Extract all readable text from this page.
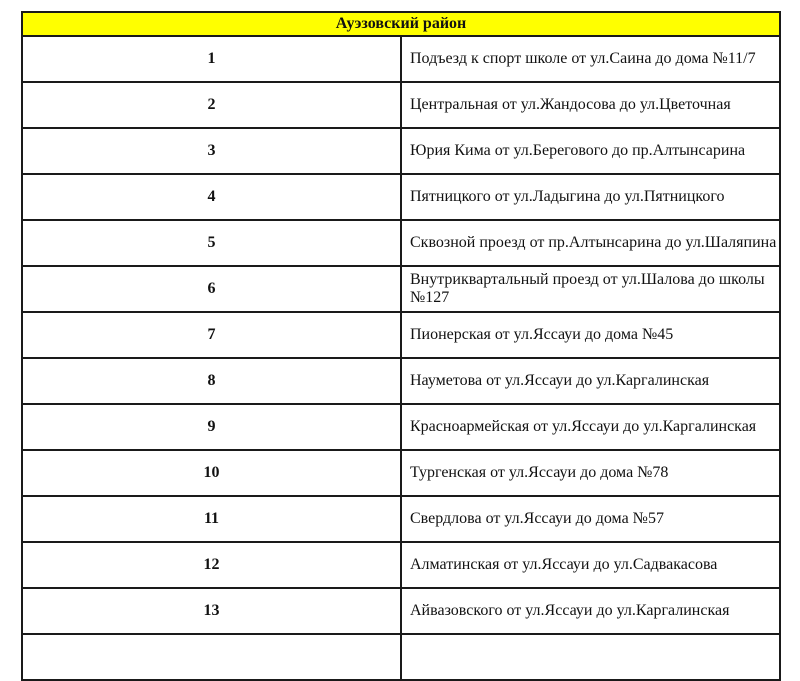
Ауэзовский район	
1	Подъезд к спорт школе от ул.Саина до дома №11/7
2	Центральная от ул.Жандосова до ул.Цветочная
3	Юрия Кима от ул.Берегового до пр.Алтынсарина
4	Пятницкого от ул.Ладыгина до ул.Пятницкого
5	Сквозной проезд от пр.Алтынсарина до ул.Шаляпина
6	Внутриквартальный проезд от ул.Шалова до школы №127
7	Пионерская от ул.Яссауи до дома №45
8	Науметова от ул.Яссауи до ул.Каргалинская
9	Красноармейская от ул.Яссауи до ул.Каргалинская
10	Тургенская от ул.Яссауи до дома №78
11	Свердлова от ул.Яссауи до дома №57
12	Алматинская от ул.Яссауи до ул.Садвакасова
13	Айвазовского от ул.Яссауи до ул.Каргалинская
